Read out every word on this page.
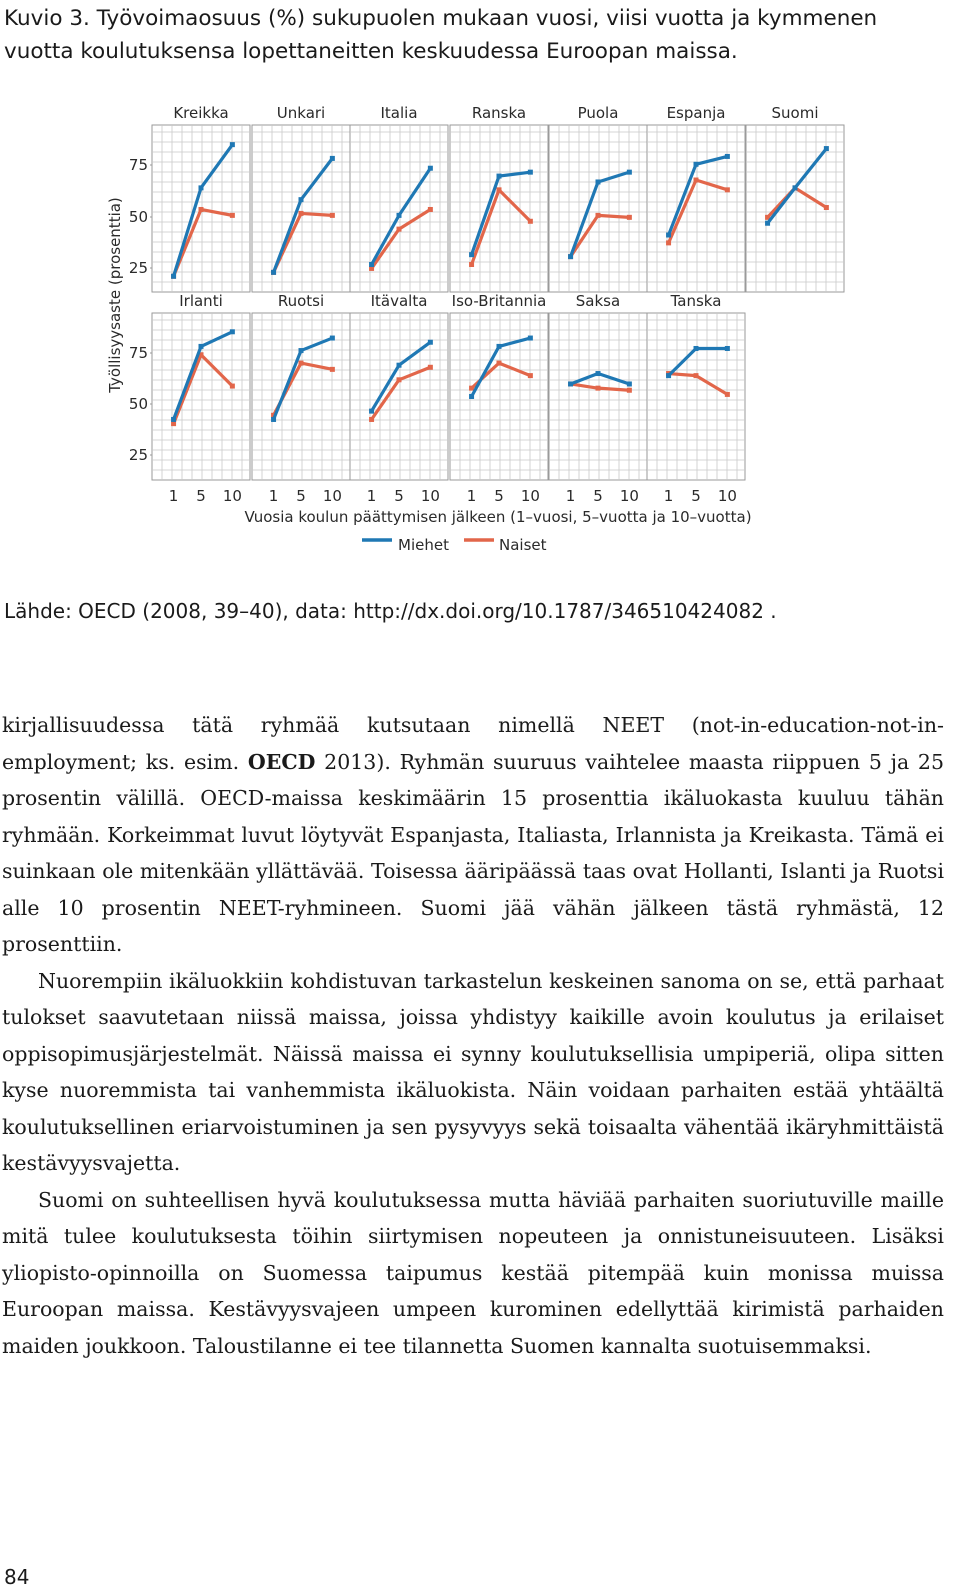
Kuvio 3. Työvoimaosuus (%) sukupuolen mukaan vuosi, viisi vuotta ja kymmenen vuotta koulutuksensa lopettaneitten keskuudessa Euroopan maissa.
Kreikka	Unkari	Italia	Ranska	Puola	Espanja	Suomi
Irlanti	Ruotsi	Itävalta Iso-Britannia Saksa	Tanska
75
50
25
75
50
25
Työllisyysaste (prosenttia)
1 5 10 1 5 10 1 5 10 1 5 10 1 5 10 1 5 10
Vuosia koulun päättymisen jälkeen (1–vuosi, 5–vuotta ja 10–vuotta)
Miehet	Naiset
Lähde: OECD (2008, 39–40), data: http://dx.doi.org/10.1787/346510424082 .

kirjallisuudessa tätä ryhmää kutsutaan nimellä NEET (not-in-education-not-in-employment; ks. esim. OECD 2013). Ryhmän suuruus vaihtelee maasta riippuen 5 ja 25 prosentin välillä. OECD-maissa keskimäärin 15 prosenttia ikäluokasta kuuluu tähän ryhmään. Korkeimmat luvut löytyvät Espanjasta, Italiasta, Irlannista ja Kreikasta. Tämä ei suinkaan ole mitenkään yllättävää. Toisessa ääripäässä taas ovat Hollanti, Islanti ja Ruotsi alle 10 prosentin NEET-ryhmineen. Suomi jää vähän jälkeen tästä ryhmästä, 12 prosenttiin.

Nuorempiin ikäluokkiin kohdistuvan tarkastelun keskeinen sanoma on se, että parhaat tulokset saavutetaan niissä maissa, joissa yhdistyy kaikille avoin koulutus ja erilaiset oppisopimusjärjestelmät. Näissä maissa ei synny koulutuksellisia umpiperiä, olipa sitten kyse nuoremmista tai vanhemmista ikäluokista. Näin voidaan parhaiten estää yhtäältä koulutuksellinen eriarvoistuminen ja sen pysyvyys sekä toisaalta vähentää ikäryhmittäistä kestävyysvajetta.

Suomi on suhteellisen hyvä koulutuksessa mutta häviää parhaiten suoriutuville maille mitä tulee koulutuksesta töihin siirtymisen nopeuteen ja onnistuneisuuteen. Lisäksi yliopisto-opinnoilla on Suomessa taipumus kestää pitempää kuin monissa muissa Euroopan maissa. Kestävyysvajeen umpeen kurominen edellyttää kirimistä parhaiden maiden joukkoon. Taloustilanne ei tee tilannetta Suomen kannalta suotuisemmaksi.

84
